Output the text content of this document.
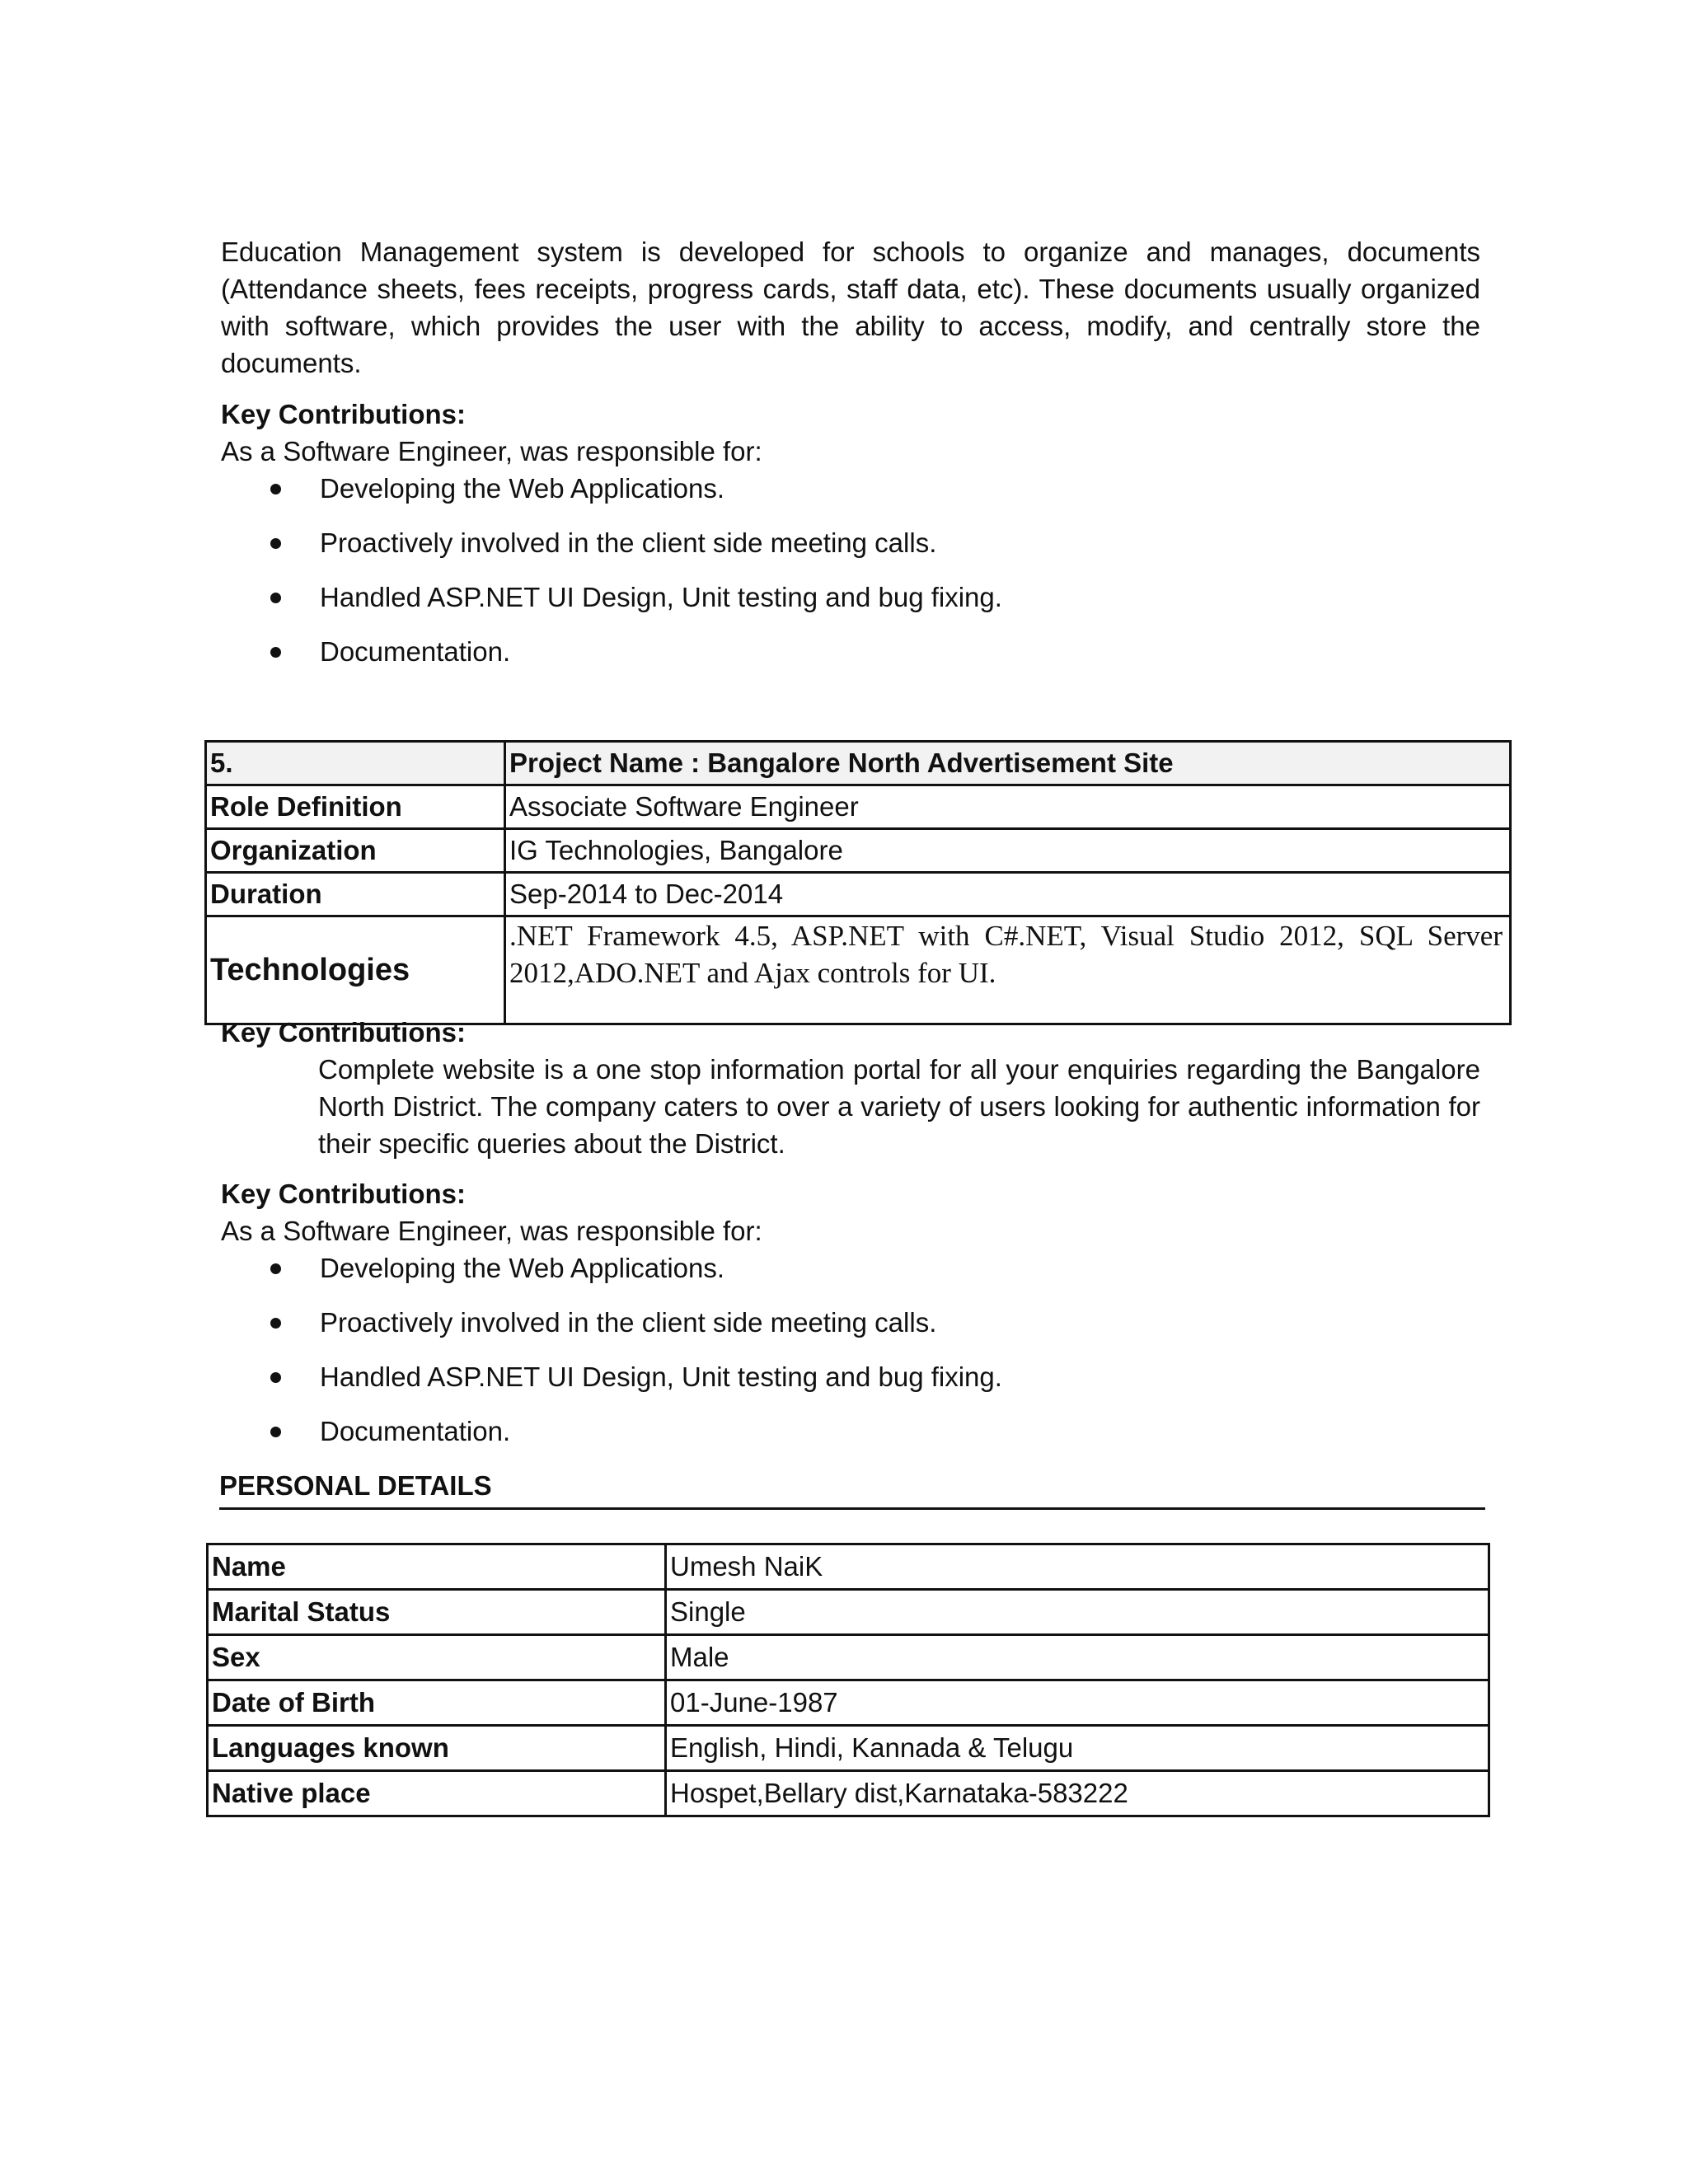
Education Management system is developed for schools to organize and manages, documents (Attendance sheets, fees receipts, progress cards, staff data, etc). These documents usually organized with software, which provides the user with the ability to access, modify, and centrally store the documents.

Key Contributions:

As a Software Engineer, was responsible for:

Developing the Web Applications.
Proactively involved in the client side meeting calls.
Handled ASP.NET UI Design, Unit testing and bug fixing.
Documentation.
5.	Project Name : Bangalore North Advertisement Site
Role Definition	Associate Software Engineer
Organization	IG Technologies, Bangalore
Duration	Sep-2014 to Dec-2014
Technologies	.NET Framework 4.5, ASP.NET with C#.NET, Visual Studio 2012, SQL Server 2012,ADO.NET and Ajax controls for UI.

Key Contributions:

Complete website is a one stop information portal for all your enquiries regarding the Bangalore North District. The company caters to over a variety of users looking for authentic information for their specific queries about the District.

Key Contributions:

As a Software Engineer, was responsible for:

Developing the Web Applications.
Proactively involved in the client side meeting calls.
Handled ASP.NET UI Design, Unit testing and bug fixing.
Documentation.
PERSONAL DETAILS
Name	Umesh NaiK
Marital Status	Single
Sex	Male
Date of Birth	01-June-1987
Languages known	English, Hindi, Kannada & Telugu
Native place	Hospet,Bellary dist,Karnataka-583222
